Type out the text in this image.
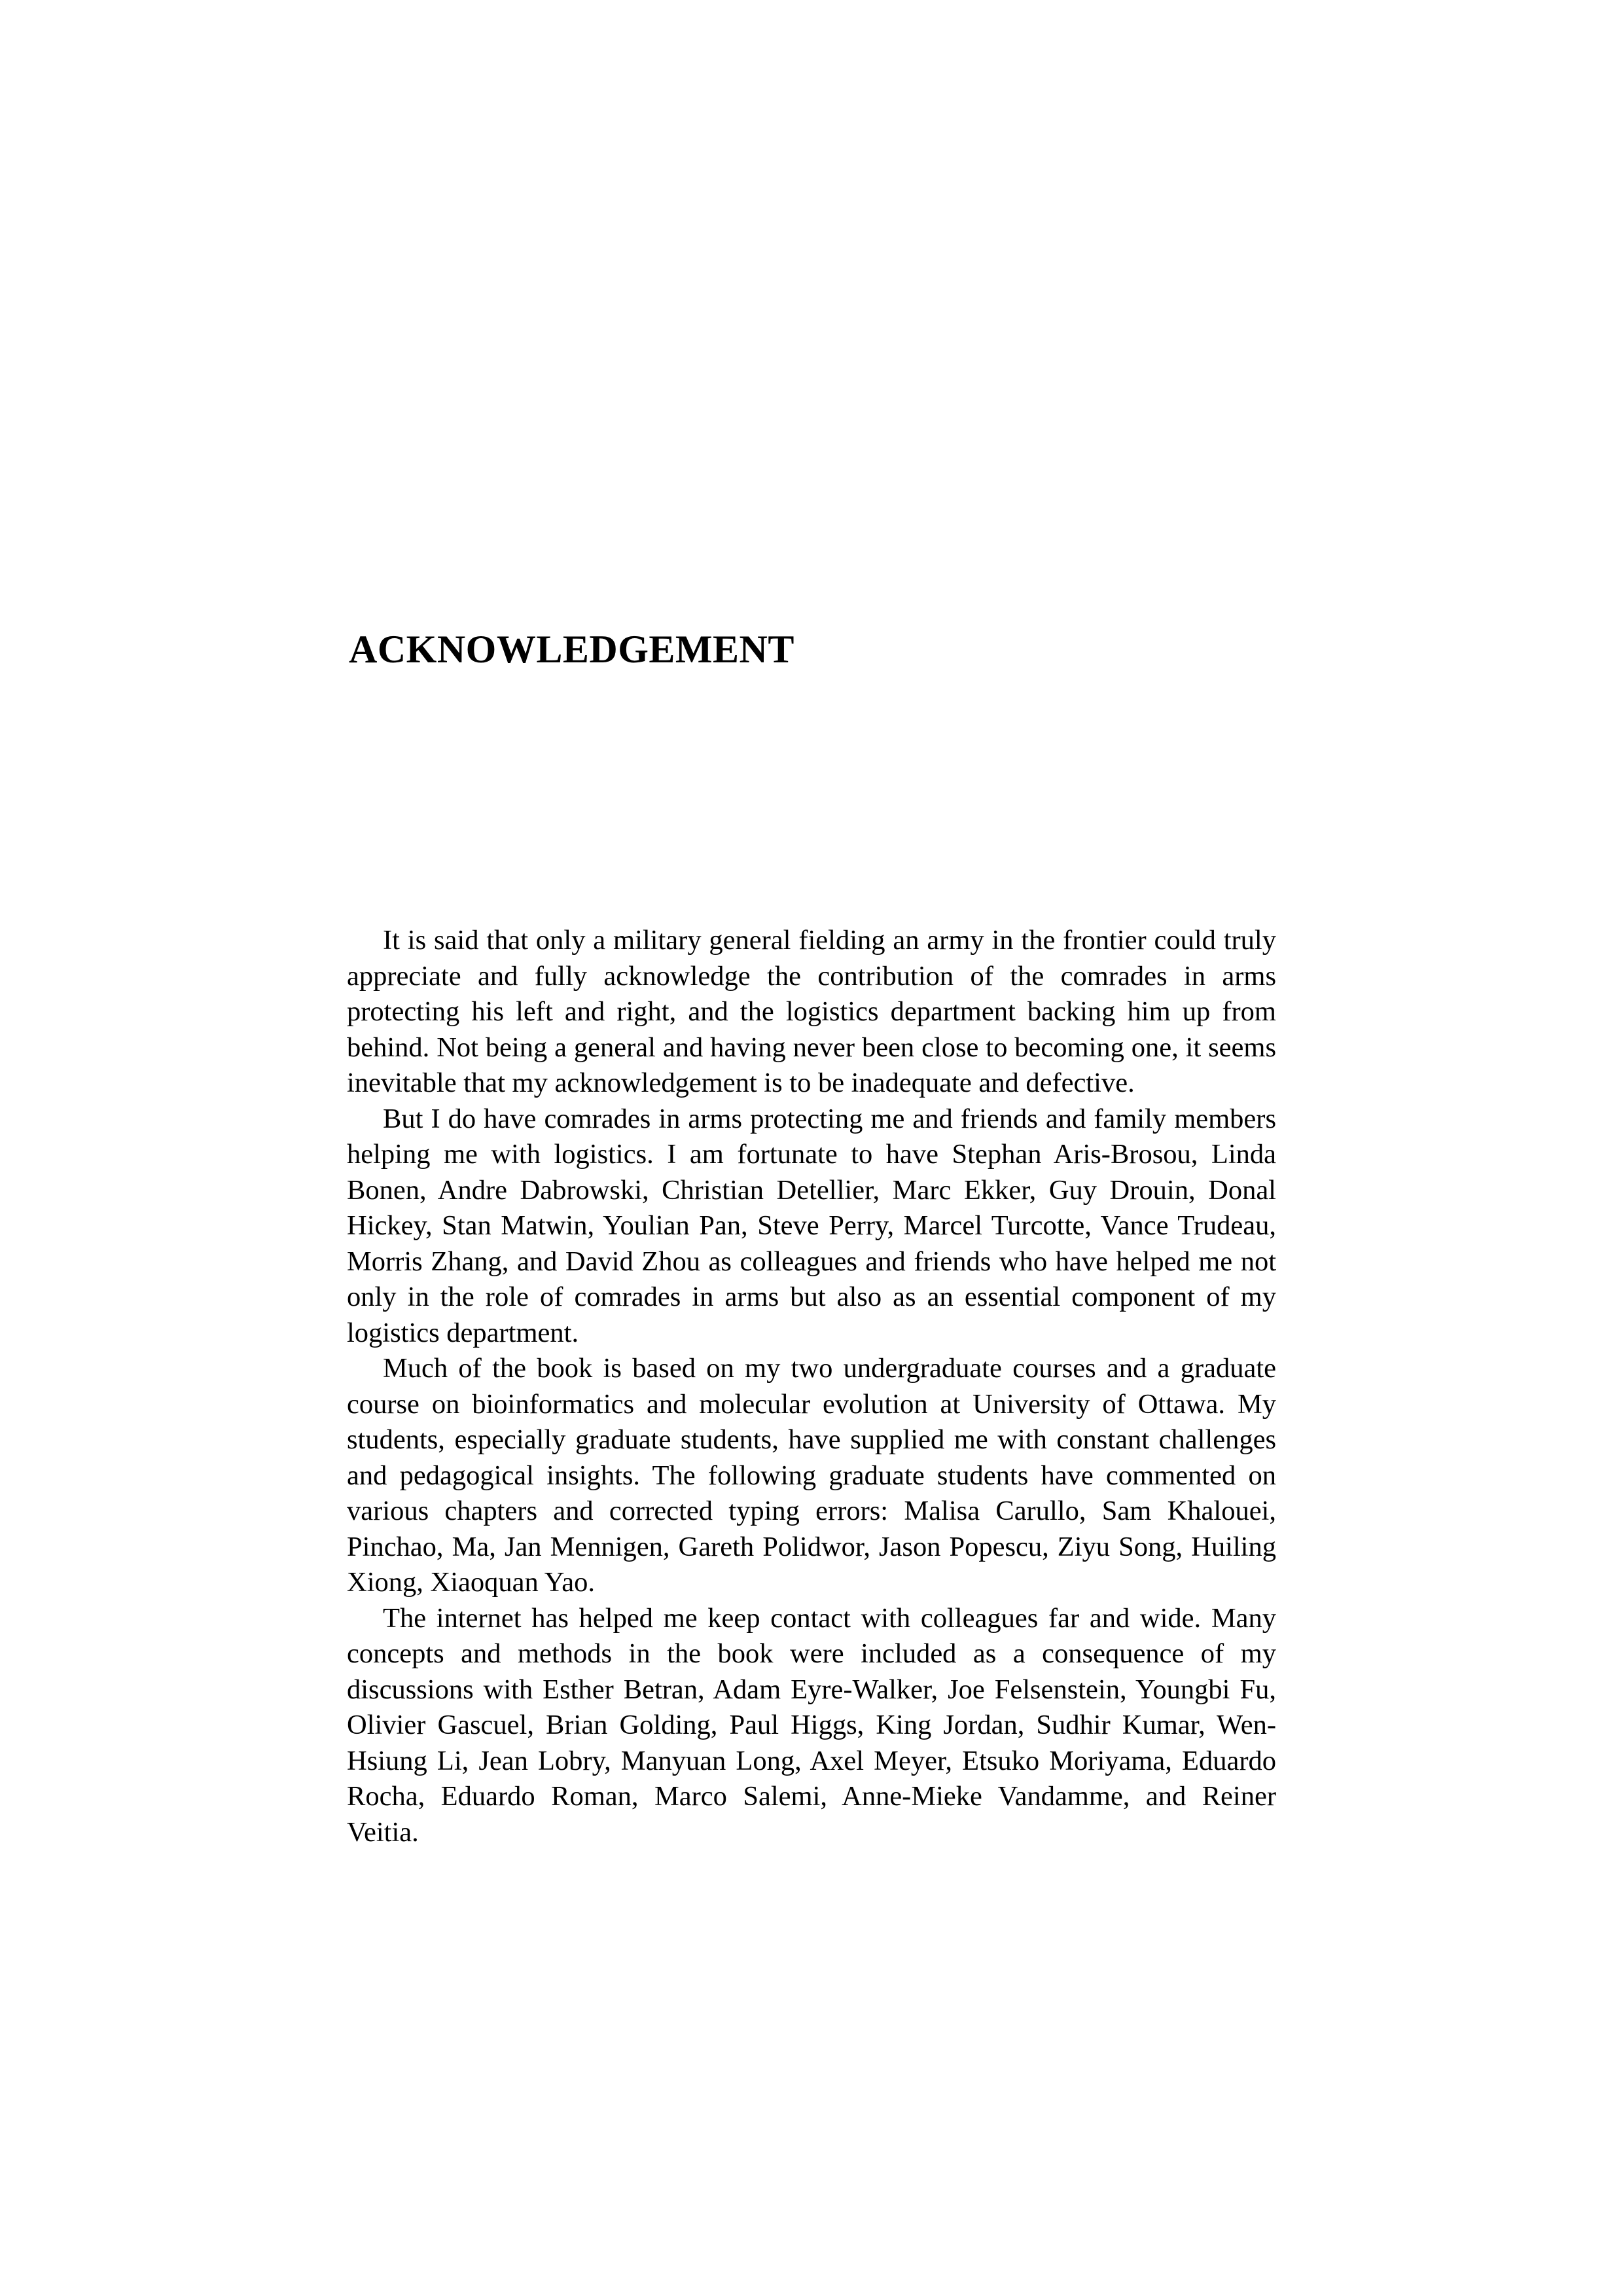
ACKNOWLEDGEMENT

It is said that only a military general fielding an army in the frontier could truly appreciate and fully acknowledge the contribution of the comrades in arms protecting his left and right, and the logistics department backing him up from behind. Not being a general and having never been close to becoming one, it seems inevitable that my acknowledgement is to be inadequate and defective.

But I do have comrades in arms protecting me and friends and family members helping me with logistics. I am fortunate to have Stephan Aris-Brosou, Linda Bonen, Andre Dabrowski, Christian Detellier, Marc Ekker, Guy Drouin, Donal Hickey, Stan Matwin, Youlian Pan, Steve Perry, Marcel Turcotte, Vance Trudeau, Morris Zhang, and David Zhou as colleagues and friends who have helped me not only in the role of comrades in arms but also as an essential component of my logistics department.

Much of the book is based on my two undergraduate courses and a graduate course on bioinformatics and molecular evolution at University of Ottawa. My students, especially graduate students, have supplied me with constant challenges and pedagogical insights. The following graduate students have commented on various chapters and corrected typing errors: Malisa Carullo, Sam Khalouei, Pinchao, Ma, Jan Mennigen, Gareth Polidwor, Jason Popescu, Ziyu Song, Huiling Xiong, Xiaoquan Yao.

The internet has helped me keep contact with colleagues far and wide. Many concepts and methods in the book were included as a consequence of my discussions with Esther Betran, Adam Eyre-Walker, Joe Felsenstein, Youngbi Fu, Olivier Gascuel, Brian Golding, Paul Higgs, King Jordan, Sudhir Kumar, Wen-Hsiung Li, Jean Lobry, Manyuan Long, Axel Meyer, Etsuko Moriyama, Eduardo Rocha, Eduardo Roman, Marco Salemi, Anne-Mieke Vandamme, and Reiner Veitia.
